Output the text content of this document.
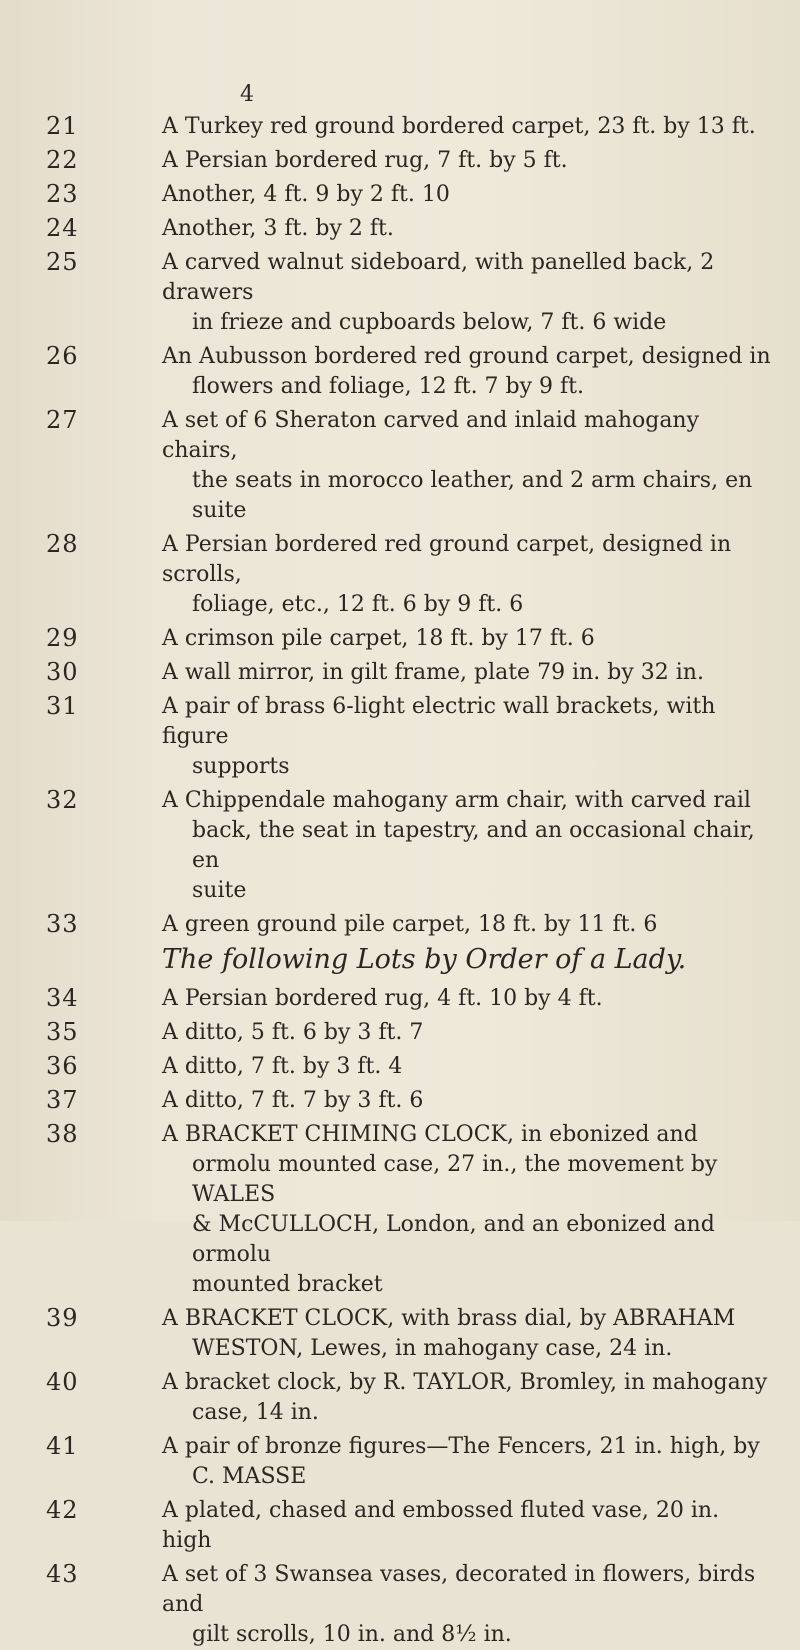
4
21	A Turkey red ground bordered carpet, 23 ft. by 13 ft.
22	A Persian bordered rug, 7 ft. by 5 ft.
23	Another, 4 ft. 9 by 2 ft. 10
24	Another, 3 ft. by 2 ft.
25	A carved walnut sideboard, with panelled back, 2 drawers
in frieze and cupboards below, 7 ft. 6 wide
26	An Aubusson bordered red ground carpet, designed in
flowers and foliage, 12 ft. 7 by 9 ft.
27	A set of 6 Sheraton carved and inlaid mahogany chairs,
the seats in morocco leather, and 2 arm chairs, en suite
28	A Persian bordered red ground carpet, designed in scrolls,
foliage, etc., 12 ft. 6 by 9 ft. 6
29	A crimson pile carpet, 18 ft. by 17 ft. 6
30	A wall mirror, in gilt frame, plate 79 in. by 32 in.
31	A pair of brass 6-light electric wall brackets, with figure
supports
32	A Chippendale mahogany arm chair, with carved rail
back, the seat in tapestry, and an occasional chair, en
suite
33	A green ground pile carpet, 18 ft. by 11 ft. 6
The following Lots by Order of a Lady.
34	A Persian bordered rug, 4 ft. 10 by 4 ft.
35	A ditto, 5 ft. 6 by 3 ft. 7
36	A ditto, 7 ft. by 3 ft. 4
37	A ditto, 7 ft. 7 by 3 ft. 6
38	A BRACKET CHIMING CLOCK, in ebonized and
ormolu mounted case, 27 in., the movement by WALES
& McCULLOCH, London, and an ebonized and ormolu
mounted bracket
39	A BRACKET CLOCK, with brass dial, by ABRAHAM
WESTON, Lewes, in mahogany case, 24 in.
40	A bracket clock, by R. TAYLOR, Bromley, in mahogany
case, 14 in.
41	A pair of bronze figures—The Fencers, 21 in. high, by
C. MASSE
42	A plated, chased and embossed fluted vase, 20 in. high
43	A set of 3 Swansea vases, decorated in flowers, birds and
gilt scrolls, 10 in. and 8½ in.
